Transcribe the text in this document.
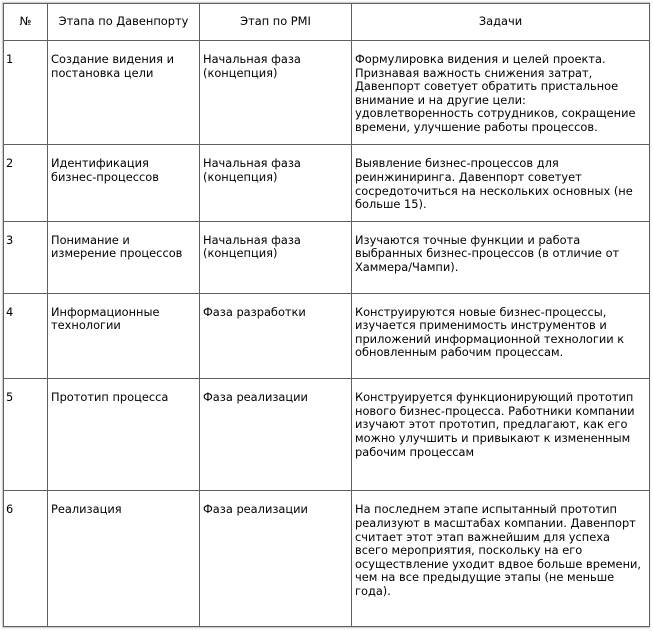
№	Этапа по Давенпорту	Этап по PMI	Задачи
1	Создание видения и постановка цели	Начальная фаза (концепция)	Формулировка видения и целей проекта. Признавая важность снижения затрат, Давенпорт советует обратить пристальное внимание и на другие цели: удовлетворенность сотрудников, сокращение времени, улучшение работы процессов.
2	Идентификация бизнес-процессов	Начальная фаза (концепция)	Выявление бизнес-процессов для реинжиниринга. Давенпорт советует сосредоточиться на нескольких основных (не больше 15).
3	Понимание и измерение процессов	Начальная фаза (концепция)	Изучаются точные функции и работа выбранных бизнес-процессов (в отличие от Хаммера/Чампи).
4	Информационные технологии	Фаза разработки	Конструируются новые бизнес-процессы, изучается применимость инструментов и приложений информационной технологии к обновленным рабочим процессам.
5	Прототип процесса	Фаза реализации	Конструируется функционирующий прототип нового бизнес-процесса. Работники компании изучают этот прототип, предлагают, как его можно улучшить и привыкают к измененным рабочим процессам
6	Реализация	Фаза реализации	На последнем этапе испытанный прототип реализуют в масштабах компании. Давенпорт считает этот этап важнейшим для успеха всего мероприятия, поскольку на его осуществление уходит вдвое больше времени, чем на все предыдущие этапы (не меньше года).
